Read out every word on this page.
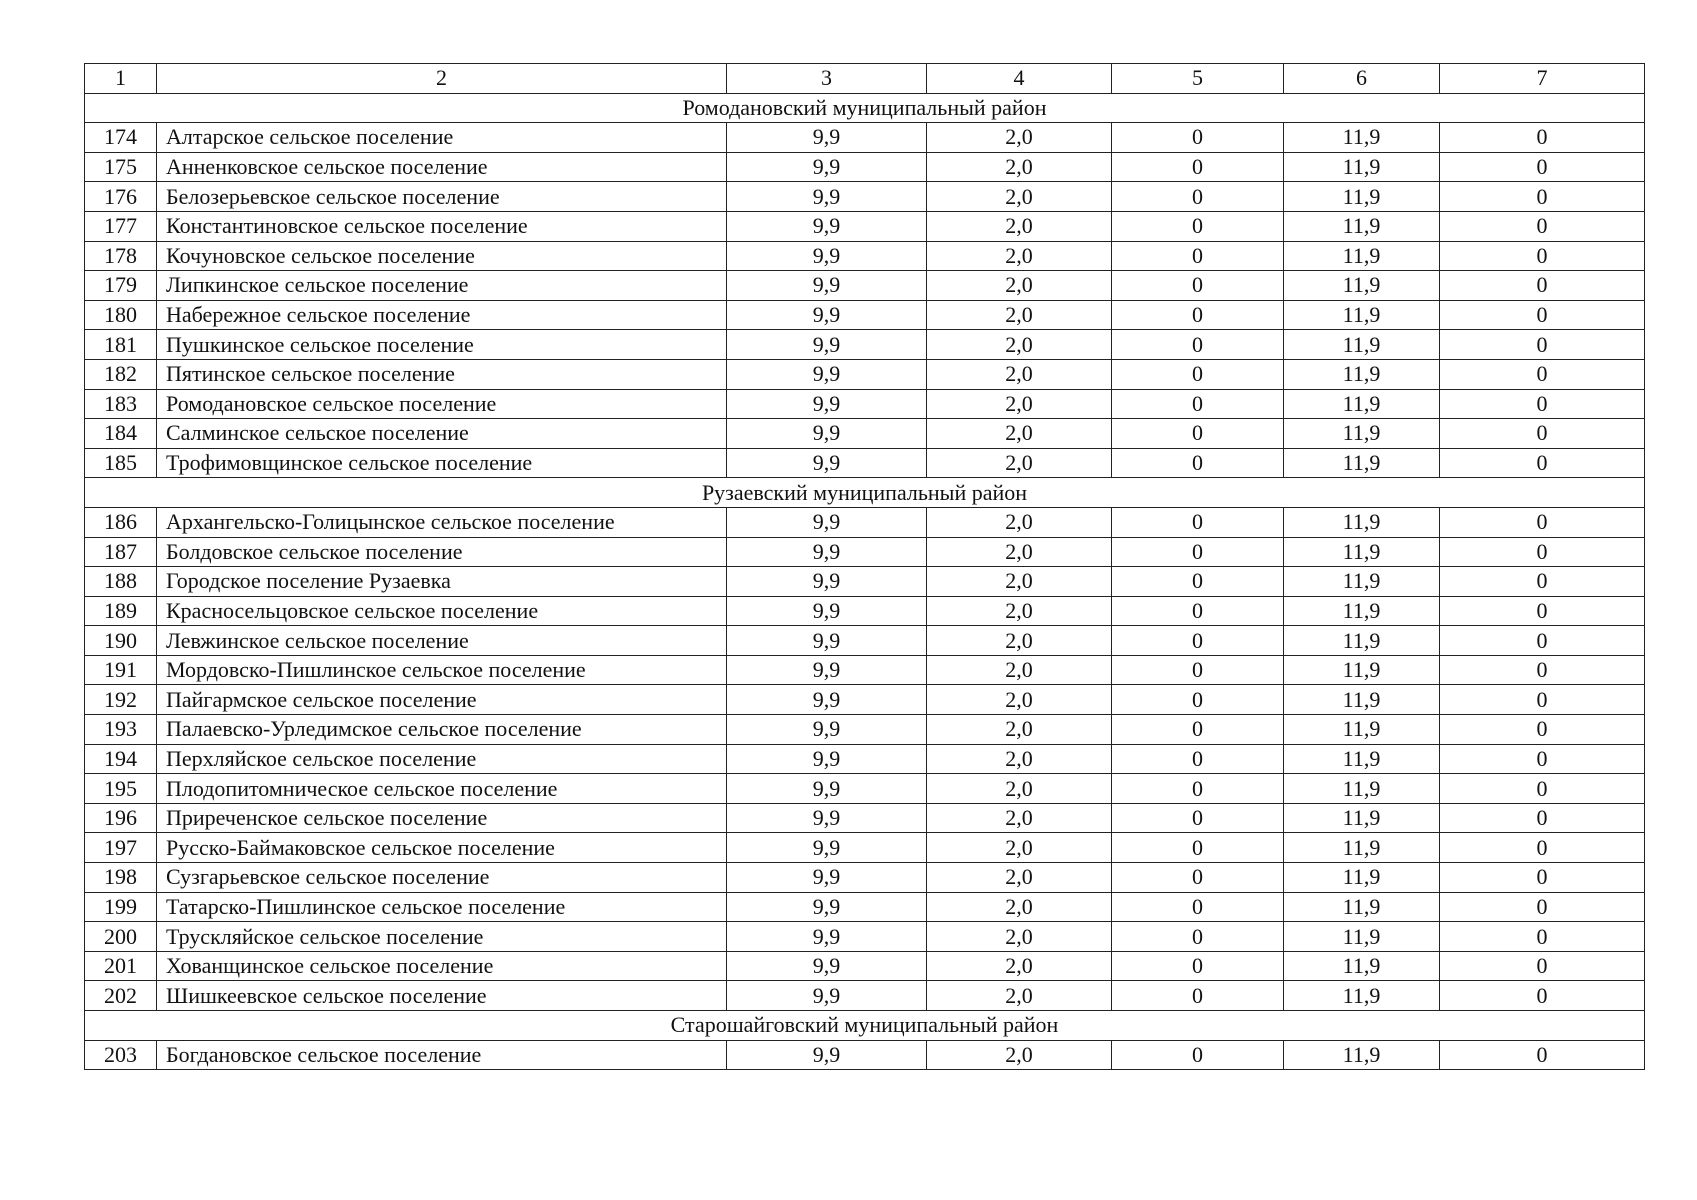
1	2	3	4	5	6	7
Ромодановский муниципальный район						
174	Алтарское сельское поселение	9,9	2,0	0	11,9	0
175	Анненковское сельское поселение	9,9	2,0	0	11,9	0
176	Белозерьевское сельское поселение	9,9	2,0	0	11,9	0
177	Константиновское сельское поселение	9,9	2,0	0	11,9	0
178	Кочуновское сельское поселение	9,9	2,0	0	11,9	0
179	Липкинское сельское поселение	9,9	2,0	0	11,9	0
180	Набережное сельское поселение	9,9	2,0	0	11,9	0
181	Пушкинское сельское поселение	9,9	2,0	0	11,9	0
182	Пятинское сельское поселение	9,9	2,0	0	11,9	0
183	Ромодановское сельское поселение	9,9	2,0	0	11,9	0
184	Салминское сельское поселение	9,9	2,0	0	11,9	0
185	Трофимовщинское сельское поселение	9,9	2,0	0	11,9	0
Рузаевский муниципальный район						
186	Архангельско-Голицынское сельское поселение	9,9	2,0	0	11,9	0
187	Болдовское сельское поселение	9,9	2,0	0	11,9	0
188	Городское поселение Рузаевка	9,9	2,0	0	11,9	0
189	Красносельцовское сельское поселение	9,9	2,0	0	11,9	0
190	Левжинское сельское поселение	9,9	2,0	0	11,9	0
191	Мордовско-Пишлинское сельское поселение	9,9	2,0	0	11,9	0
192	Пайгармское сельское поселение	9,9	2,0	0	11,9	0
193	Палаевско-Урледимское сельское поселение	9,9	2,0	0	11,9	0
194	Перхляйское сельское поселение	9,9	2,0	0	11,9	0
195	Плодопитомническое сельское поселение	9,9	2,0	0	11,9	0
196	Приреченское сельское поселение	9,9	2,0	0	11,9	0
197	Русско-Баймаковское сельское поселение	9,9	2,0	0	11,9	0
198	Сузгарьевское сельское поселение	9,9	2,0	0	11,9	0
199	Татарско-Пишлинское сельское поселение	9,9	2,0	0	11,9	0
200	Трускляйское сельское поселение	9,9	2,0	0	11,9	0
201	Хованщинское сельское поселение	9,9	2,0	0	11,9	0
202	Шишкеевское сельское поселение	9,9	2,0	0	11,9	0
Старошайговский муниципальный район						
203	Богдановское сельское поселение	9,9	2,0	0	11,9	0
